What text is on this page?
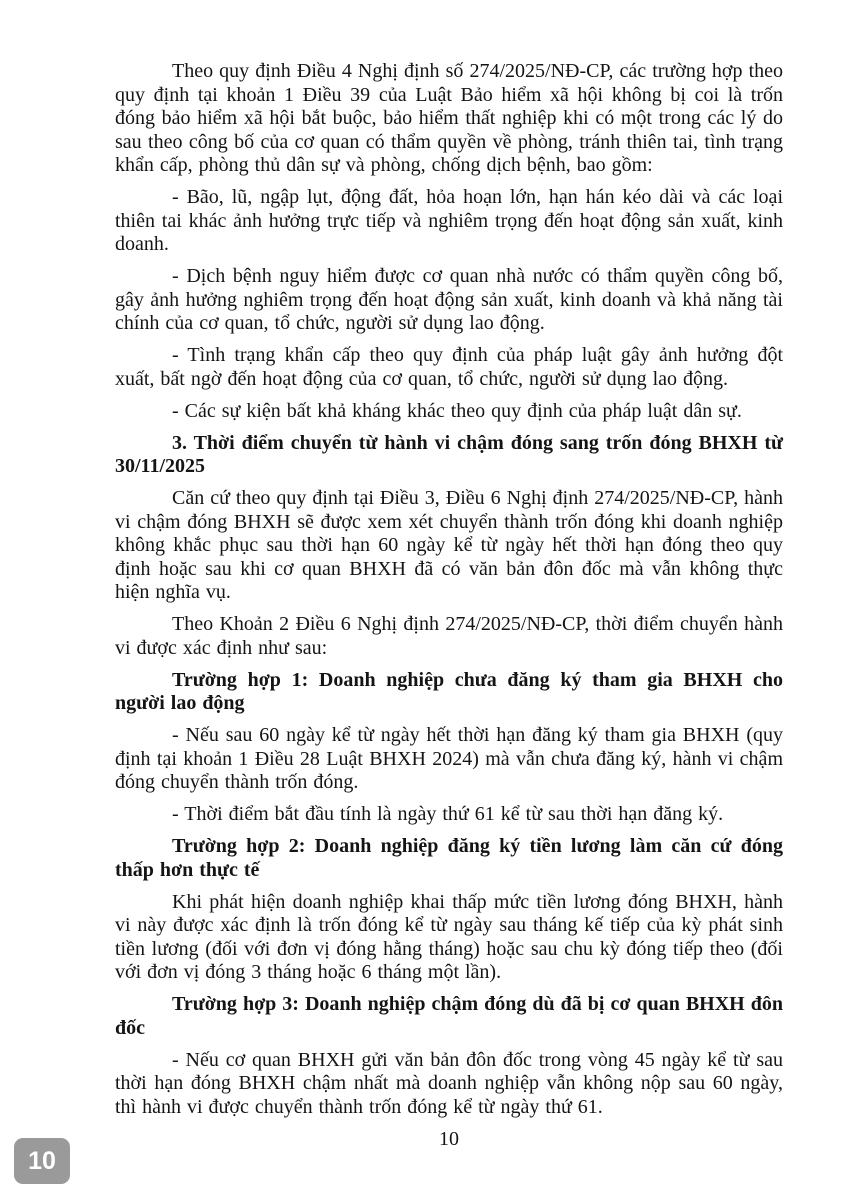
Theo quy định Điều 4 Nghị định số 274/2025/NĐ-CP, các trường hợp theo quy định tại khoản 1 Điều 39 của Luật Bảo hiểm xã hội không bị coi là trốn đóng bảo hiểm xã hội bắt buộc, bảo hiểm thất nghiệp khi có một trong các lý do sau theo công bố của cơ quan có thẩm quyền về phòng, tránh thiên tai, tình trạng khẩn cấp, phòng thủ dân sự và phòng, chống dịch bệnh, bao gồm:

- Bão, lũ, ngập lụt, động đất, hỏa hoạn lớn, hạn hán kéo dài và các loại thiên tai khác ảnh hưởng trực tiếp và nghiêm trọng đến hoạt động sản xuất, kinh doanh.

- Dịch bệnh nguy hiểm được cơ quan nhà nước có thẩm quyền công bố, gây ảnh hưởng nghiêm trọng đến hoạt động sản xuất, kinh doanh và khả năng tài chính của cơ quan, tổ chức, người sử dụng lao động.

- Tình trạng khẩn cấp theo quy định của pháp luật gây ảnh hưởng đột xuất, bất ngờ đến hoạt động của cơ quan, tổ chức, người sử dụng lao động.

- Các sự kiện bất khả kháng khác theo quy định của pháp luật dân sự.

3. Thời điểm chuyển từ hành vi chậm đóng sang trốn đóng BHXH từ 30/11/2025

Căn cứ theo quy định tại Điều 3, Điều 6 Nghị định 274/2025/NĐ-CP, hành vi chậm đóng BHXH sẽ được xem xét chuyển thành trốn đóng khi doanh nghiệp không khắc phục sau thời hạn 60 ngày kể từ ngày hết thời hạn đóng theo quy định hoặc sau khi cơ quan BHXH đã có văn bản đôn đốc mà vẫn không thực hiện nghĩa vụ.

Theo Khoản 2 Điều 6 Nghị định 274/2025/NĐ-CP, thời điểm chuyển hành vi được xác định như sau:

Trường hợp 1: Doanh nghiệp chưa đăng ký tham gia BHXH cho người lao động

- Nếu sau 60 ngày kể từ ngày hết thời hạn đăng ký tham gia BHXH (quy định tại khoản 1 Điều 28 Luật BHXH 2024) mà vẫn chưa đăng ký, hành vi chậm đóng chuyển thành trốn đóng.

- Thời điểm bắt đầu tính là ngày thứ 61 kể từ sau thời hạn đăng ký.

Trường hợp 2: Doanh nghiệp đăng ký tiền lương làm căn cứ đóng thấp hơn thực tế

Khi phát hiện doanh nghiệp khai thấp mức tiền lương đóng BHXH, hành vi này được xác định là trốn đóng kể từ ngày sau tháng kế tiếp của kỳ phát sinh tiền lương (đối với đơn vị đóng hằng tháng) hoặc sau chu kỳ đóng tiếp theo (đối với đơn vị đóng 3 tháng hoặc 6 tháng một lần).

Trường hợp 3: Doanh nghiệp chậm đóng dù đã bị cơ quan BHXH đôn đốc

- Nếu cơ quan BHXH gửi văn bản đôn đốc trong vòng 45 ngày kể từ sau thời hạn đóng BHXH chậm nhất mà doanh nghiệp vẫn không nộp sau 60 ngày, thì hành vi được chuyển thành trốn đóng kể từ ngày thứ 61.

10
10
